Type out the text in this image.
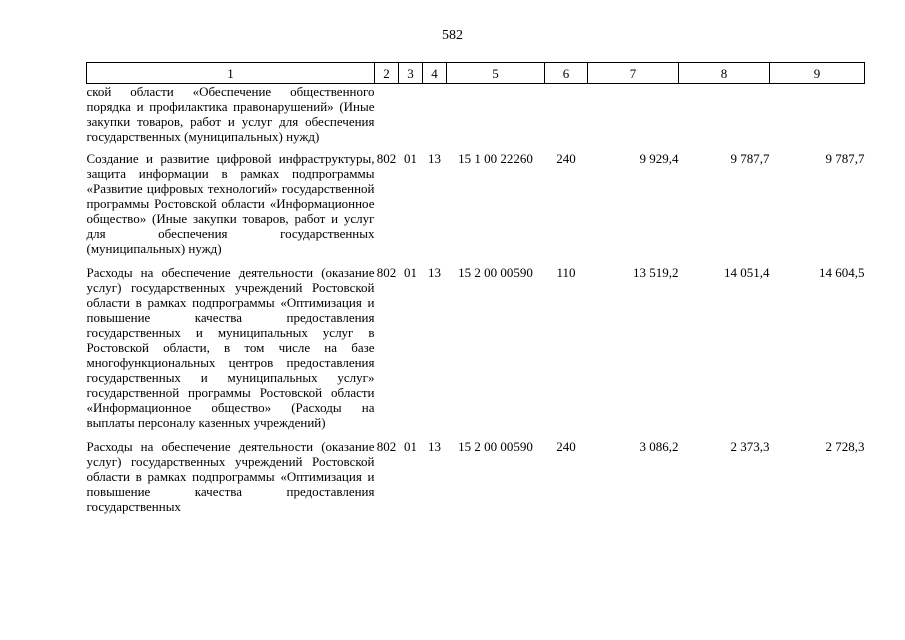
582
1	2	3	4	5	6	7	8	9
ской области «Обеспечение общественного порядка и профилактика правонарушений» (Иные закупки товаров, работ и услуг для обеспечения государственных (муниципальных) нужд)								
Создание и развитие цифровой инфраструктуры, защита информации в рамках подпрограммы «Развитие цифровых технологий» государственной программы Ростовской области «Информационное общество» (Иные закупки товаров, работ и услуг для обеспечения государственных (муниципальных) нужд)	802	01	13	15 1 00 22260	240	9 929,4	9 787,7	9 787,7
Расходы на обеспечение деятельности (оказание услуг) государственных учреждений Ростовской области в рамках подпрограммы «Оптимизация и повышение качества предоставления государственных и муниципальных услуг в Ростовской области, в том числе на базе многофункциональных центров предоставления государственных и муниципальных услуг» государственной программы Ростовской области «Информационное общество» (Расходы на выплаты персоналу казенных учреждений)	802	01	13	15 2 00 00590	110	13 519,2	14 051,4	14 604,5
Расходы на обеспечение деятельности (оказание услуг) государственных учреждений Ростовской области в рамках подпрограммы «Оптимизация и повышение качества предоставления государственных	802	01	13	15 2 00 00590	240	3 086,2	2 373,3	2 728,3
